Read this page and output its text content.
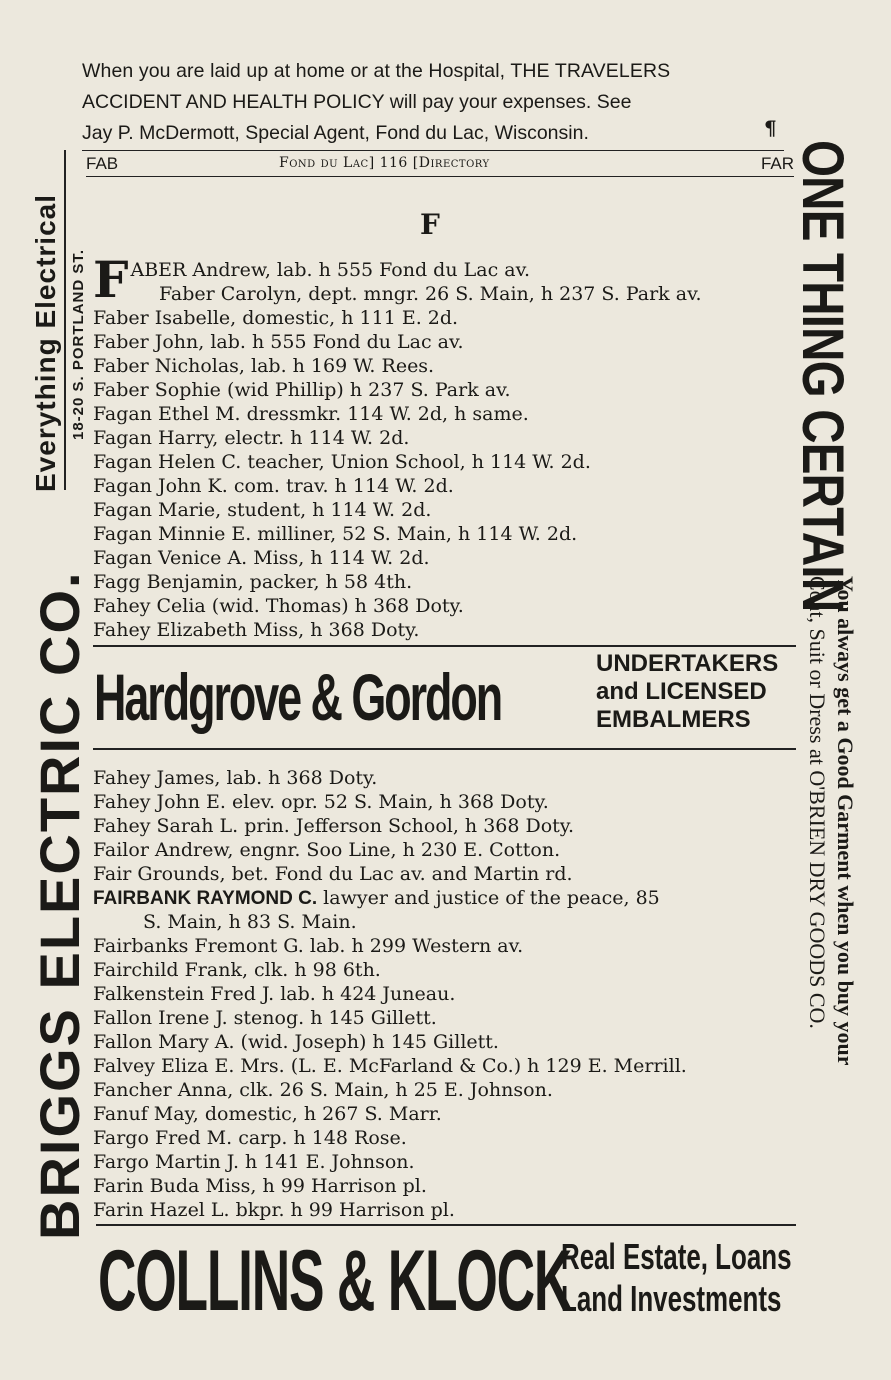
When you are laid up at home or at the Hospital, THE TRAVELERS
ACCIDENT AND HEALTH POLICY will pay your expenses. See
Jay P. McDermott, Special Agent, Fond du Lac, Wisconsin.	¶
FAB	Fond du Lac] 116 [Directory	FAR
F
FABER Andrew, lab. h 555 Fond du Lac av.
Faber Carolyn, dept. mngr. 26 S. Main, h 237 S. Park av.
Faber Isabelle, domestic, h 111 E. 2d.
Faber John, lab. h 555 Fond du Lac av.
Faber Nicholas, lab. h 169 W. Rees.
Faber Sophie (wid Phillip) h 237 S. Park av.
Fagan Ethel M. dressmkr. 114 W. 2d, h same.
Fagan Harry, electr. h 114 W. 2d.
Fagan Helen C. teacher, Union School, h 114 W. 2d.
Fagan John K. com. trav. h 114 W. 2d.
Fagan Marie, student, h 114 W. 2d.
Fagan Minnie E. milliner, 52 S. Main, h 114 W. 2d.
Fagan Venice A. Miss, h 114 W. 2d.
Fagg Benjamin, packer, h 58 4th.
Fahey Celia (wid. Thomas) h 368 Doty.
Fahey Elizabeth Miss, h 368 Doty.
Hardgrove & Gordon	UNDERTAKERS
and LICENSED
EMBALMERS
Fahey James, lab. h 368 Doty.
Fahey John E. elev. opr. 52 S. Main, h 368 Doty.
Fahey Sarah L. prin. Jefferson School, h 368 Doty.
Failor Andrew, engnr. Soo Line, h 230 E. Cotton.
Fair Grounds, bet. Fond du Lac av. and Martin rd.
FAIRBANK RAYMOND C. lawyer and justice of the peace, 85
S. Main, h 83 S. Main.
Fairbanks Fremont G. lab. h 299 Western av.
Fairchild Frank, clk. h 98 6th.
Falkenstein Fred J. lab. h 424 Juneau.
Fallon Irene J. stenog. h 145 Gillett.
Fallon Mary A. (wid. Joseph) h 145 Gillett.
Falvey Eliza E. Mrs. (L. E. McFarland & Co.) h 129 E. Merrill.
Fancher Anna, clk. 26 S. Main, h 25 E. Johnson.
Fanuf May, domestic, h 267 S. Marr.
Fargo Fred M. carp. h 148 Rose.
Fargo Martin J. h 141 E. Johnson.
Farin Buda Miss, h 99 Harrison pl.
Farin Hazel L. bkpr. h 99 Harrison pl.
COLLINS & KLOCK
Real Estate, Loans
Land Investments
BRIGGS ELECTRIC CO.
Everything Electrical 18-20 S. PORTLAND ST.	ONE THING CERTAIN
You always get a Good Garment when you buy your
Coat, Suit or Dress at O'BRIEN DRY GOODS CO.
